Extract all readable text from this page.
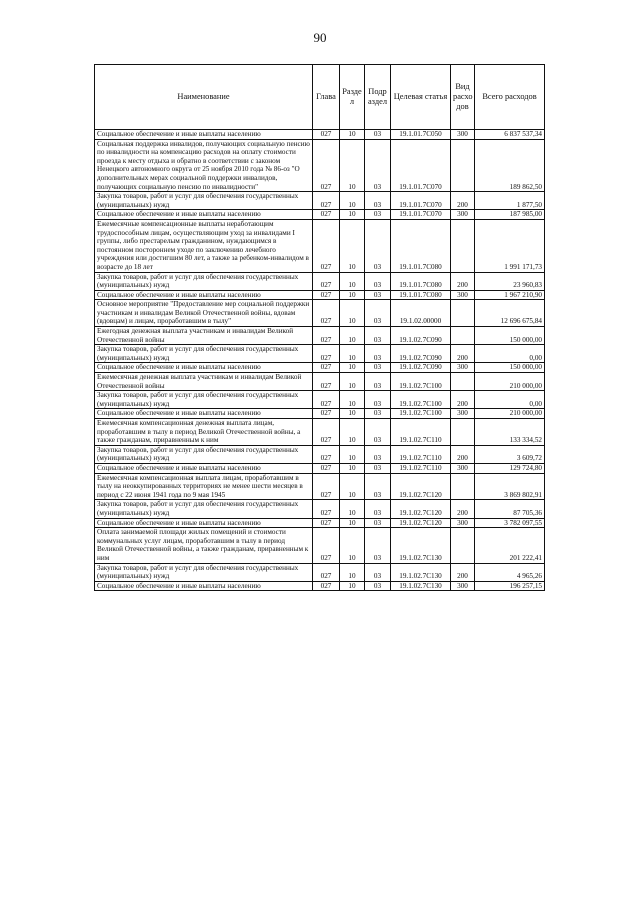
90
Наименование	Глава	Разде л	Подр аздел	Целевая статья	Вид расхо дов	Всего расходов
Социальное обеспечение и иные выплаты населению	027	10	03	19.1.01.7С050	300	6 837 537,34
Социальная поддержка инвалидов, получающих социальную пенсию по инвалидности на компенсацию расходов на оплату стоимости проезда к месту отдыха и обратно в соответствии с законом Ненецкого автономного округа от 25 ноября 2010 года № 86-оз "О дополнительных мерах социальной поддержки инвалидов, получающих социальную пенсию по инвалидности"	027	10	03	19.1.01.7С070		189 862,50
Закупка товаров, работ и услуг для обеспечения государственных (муниципальных) нужд	027	10	03	19.1.01.7С070	200	1 877,50
Социальное обеспечение и иные выплаты населению	027	10	03	19.1.01.7С070	300	187 985,00
Ежемесячные компенсационные выплаты неработающим трудоспособным лицам, осуществляющим уход за инвалидами I группы, либо престарелым гражданином, нуждающимся в постоянном постороннем уходе по заключению лечебного учреждения или достигшим 80 лет, а также за ребенком-инвалидом в возрасте до 18 лет	027	10	03	19.1.01.7С080		1 991 171,73
Закупка товаров, работ и услуг для обеспечения государственных (муниципальных) нужд	027	10	03	19.1.01.7С080	200	23 960,83
Социальное обеспечение и иные выплаты населению	027	10	03	19.1.01.7С080	300	1 967 210,90
Основное мероприятие "Предоставление мер социальной поддержки участникам и инвалидам Великой Отечественной войны, вдовам (вдовцам) и лицам, проработавшим в тылу"	027	10	03	19.1.02.00000		12 696 675,84
Ежегодная денежная выплата участникам и инвалидам Великой Отечественной войны	027	10	03	19.1.02.7С090		150 000,00
Закупка товаров, работ и услуг для обеспечения государственных (муниципальных) нужд	027	10	03	19.1.02.7С090	200	0,00
Социальное обеспечение и иные выплаты населению	027	10	03	19.1.02.7С090	300	150 000,00
Ежемесячная денежная выплата участникам и инвалидам Великой Отечественной войны	027	10	03	19.1.02.7С100		210 000,00
Закупка товаров, работ и услуг для обеспечения государственных (муниципальных) нужд	027	10	03	19.1.02.7С100	200	0,00
Социальное обеспечение и иные выплаты населению	027	10	03	19.1.02.7С100	300	210 000,00
Ежемесячная компенсационная денежная выплата лицам, проработавшим в тылу в период Великой Отечественной войны, а также гражданам, приравненным к ним	027	10	03	19.1.02.7С110		133 334,52
Закупка товаров, работ и услуг для обеспечения государственных (муниципальных) нужд	027	10	03	19.1.02.7С110	200	3 609,72
Социальное обеспечение и иные выплаты населению	027	10	03	19.1.02.7С110	300	129 724,80
Ежемесячная компенсационная выплата лицам, проработавшим в тылу на неоккупированных территориях не менее шести месяцев в период с 22 июня 1941 года по 9 мая 1945	027	10	03	19.1.02.7С120		3 869 802,91
Закупка товаров, работ и услуг для обеспечения государственных (муниципальных) нужд	027	10	03	19.1.02.7С120	200	87 705,36
Социальное обеспечение и иные выплаты населению	027	10	03	19.1.02.7С120	300	3 782 097,55
Оплата занимаемой площади жилых помещений и стоимости коммунальных услуг лицам, проработавшим в тылу в период Великой Отечественной войны, а также гражданам, приравненным к ним	027	10	03	19.1.02.7С130		201 222,41
Закупка товаров, работ и услуг для обеспечения государственных (муниципальных) нужд	027	10	03	19.1.02.7С130	200	4 965,26
Социальное обеспечение и иные выплаты населению	027	10	03	19.1.02.7С130	300	196 257,15
